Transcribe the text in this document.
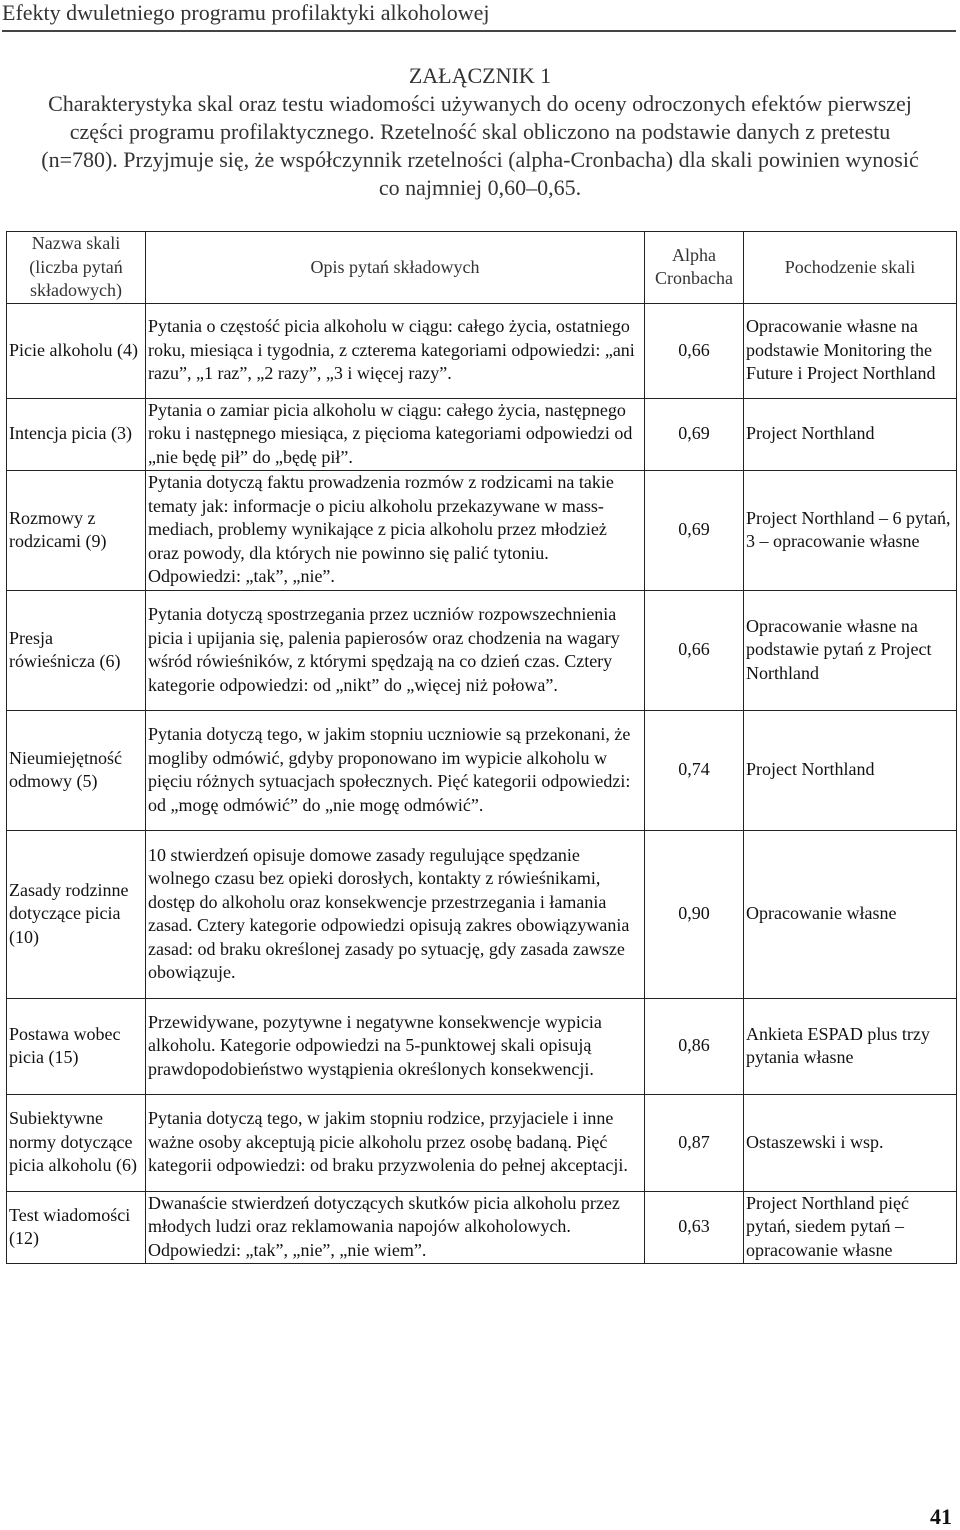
Efekty dwuletniego programu profilaktyki alkoholowej
ZAŁĄCZNIK 1
Charakterystyka skal oraz testu wiadomości używanych do oceny odroczonych efektów pierwszej części programu profilaktycznego. Rzetelność skal obliczono na podstawie danych z pretestu (n=780). Przyjmuje się, że współczynnik rzetelności (alpha-Cronbacha) dla skali powinien wynosić co najmniej 0,60–0,65.
Nazwa skali (liczba pytań składowych)	Opis pytań składowych	Alpha Cronbacha	Pochodzenie skali
Picie alkoholu (4)	Pytania o częstość picia alkoholu w ciągu: całego życia, ostatniego roku, miesiąca i tygodnia, z czterema kategoriami odpowiedzi: „ani razu”, „1 raz”, „2 razy”, „3 i więcej razy”.	0,66	Opracowanie własne na podstawie Monitoring the Future i Project Northland
Intencja picia (3)	Pytania o zamiar picia alkoholu w ciągu: całego życia, następnego roku i następnego miesiąca, z pięcioma kategoriami odpowiedzi od „nie będę pił” do „będę pił”.	0,69	Project Northland
Rozmowy z rodzicami (9)	Pytania dotyczą faktu prowadzenia rozmów z rodzicami na takie tematy jak: informacje o piciu alkoholu przekazywane w mass-mediach, problemy wynikające z picia alkoholu przez młodzież oraz powody, dla których nie powinno się palić tytoniu. Odpowiedzi: „tak”, „nie”.	0,69	Project Northland – 6 pytań, 3 – opracowanie własne
Presja rówieśnicza (6)	Pytania dotyczą spostrzegania przez uczniów rozpowszechnienia picia i upijania się, palenia papierosów oraz chodzenia na wagary wśród rówieśników, z którymi spędzają na co dzień czas. Cztery kategorie odpowiedzi: od „nikt” do „więcej niż połowa”.	0,66	Opracowanie własne na podstawie pytań z Project Northland
Nieumiejętność odmowy (5)	Pytania dotyczą tego, w jakim stopniu uczniowie są przekonani, że mogliby odmówić, gdyby proponowano im wypicie alkoholu w pięciu różnych sytuacjach społecznych. Pięć kategorii odpowiedzi: od „mogę odmówić” do „nie mogę odmówić”.	0,74	Project Northland
Zasady rodzinne dotyczące picia (10)	10 stwierdzeń opisuje domowe zasady regulujące spędzanie wolnego czasu bez opieki dorosłych, kontakty z rówieśnikami, dostęp do alkoholu oraz konsekwencje przestrzegania i łamania zasad. Cztery kategorie odpowiedzi opisują zakres obowiązywania zasad: od braku określonej zasady po sytuację, gdy zasada zawsze obowiązuje.	0,90	Opracowanie własne
Postawa wobec picia (15)	Przewidywane, pozytywne i negatywne konsekwencje wypicia alkoholu. Kategorie odpowiedzi na 5-punktowej skali opisują prawdopodobieństwo wystąpienia określonych konsekwencji.	0,86	Ankieta ESPAD plus trzy pytania własne
Subiektywne normy dotyczące picia alkoholu (6)	Pytania dotyczą tego, w jakim stopniu rodzice, przyjaciele i inne ważne osoby akceptują picie alkoholu przez osobę badaną. Pięć kategorii odpowiedzi: od braku przyzwolenia do pełnej akceptacji.	0,87	Ostaszewski i wsp.
Test wiadomości (12)	Dwanaście stwierdzeń dotyczących skutków picia alkoholu przez młodych ludzi oraz reklamowania napojów alkoholowych. Odpowiedzi: „tak”, „nie”, „nie wiem”.	0,63	Project Northland pięć pytań, siedem pytań – opracowanie własne
41
